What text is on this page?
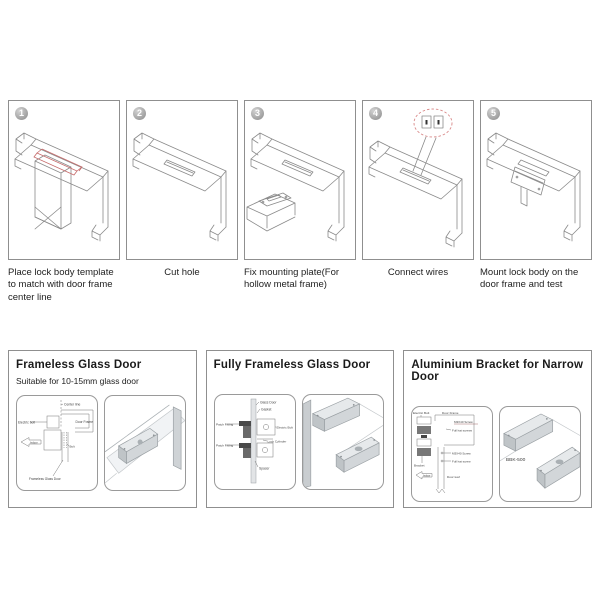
1
Place lock body template to match with door frame center line
2
Cut hole
3
Fix mounting plate(For hollow metal frame)
4
Connect wires
5
Mount lock body on the door frame and test
Frameless Glass Door
Suitable for 10-15mm glass door
Center line
Door Frame
Electric bolt
Bolt
Indoor
Frameless Glass Door
Fully Frameless Glass Door
Glass Door
Gasket
Electric Bolt
Lock Cylinder
Patch Fitting
Patch Fitting
Spacer
Aluminium Bracket for Narrow Door
Electric Bolt	Door Frame
M3X40 Screw
Full hat screws
M3X40 Screw
Full hat screw
Bracket
Indoor	Door leaf
BBK-500
